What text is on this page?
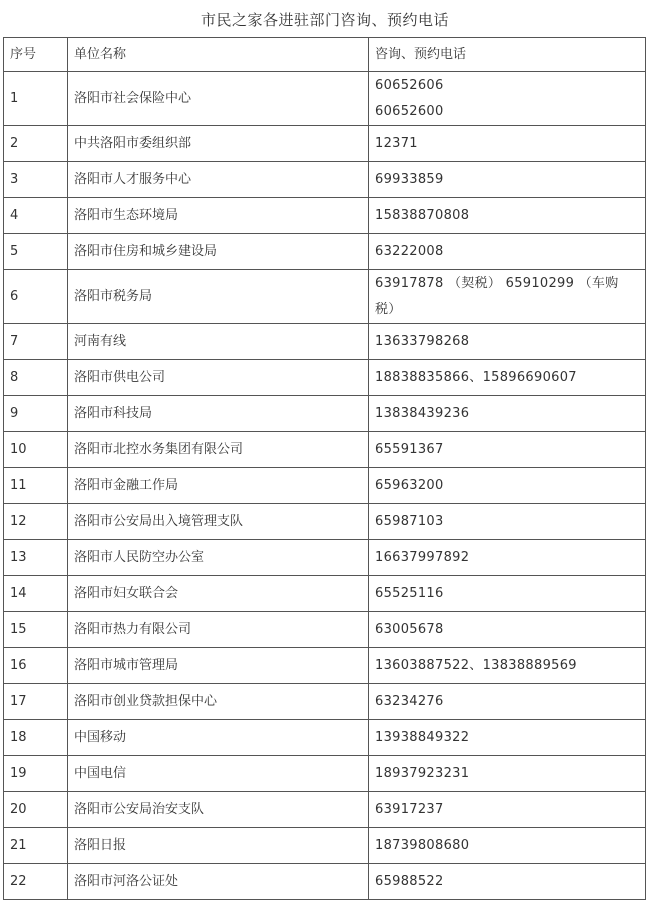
市民之家各进驻部门咨询、预约电话
序号	单位名称	咨询、预约电话
1	洛阳市社会保险中心	60652606
60652600

2	中共洛阳市委组织部	12371

3	洛阳市人才服务中心	69933859

4	洛阳市生态环境局	15838870808

5	洛阳市住房和城乡建设局	63222008

6	洛阳市税务局	63917878 （契税） 65910299 （车购
税）

7	河南有线	13633798268

8	洛阳市供电公司	18838835866、15896690607

9	洛阳市科技局	13838439236

10	洛阳市北控水务集团有限公司	65591367

11	洛阳市金融工作局	65963200

12	洛阳市公安局出入境管理支队	65987103

13	洛阳市人民防空办公室	16637997892

14	洛阳市妇女联合会	65525116

15	洛阳市热力有限公司	63005678

16	洛阳市城市管理局	13603887522、13838889569

17	洛阳市创业贷款担保中心	63234276

18	中国移动	13938849322

19	中国电信	18937923231

20	洛阳市公安局治安支队	63917237

21	洛阳日报	18739808680

22	洛阳市河洛公证处	65988522
